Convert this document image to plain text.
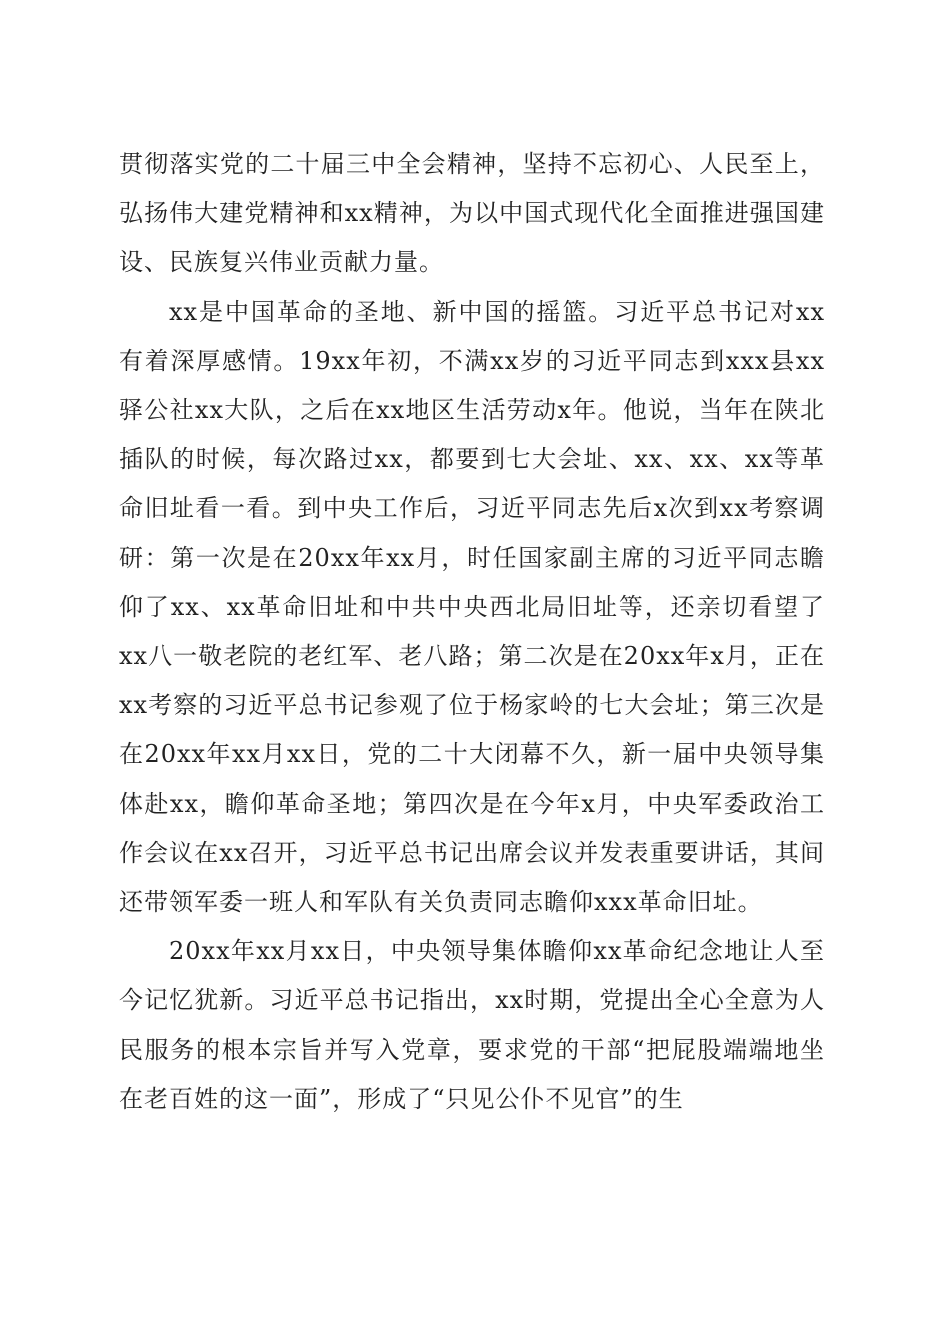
贯彻落实党的二十届三中全会精神，坚持不忘初心、人民至上，弘扬伟大建党精神和xx精神，为以中国式现代化全面推进强国建设、民族复兴伟业贡献力量。

xx是中国革命的圣地、新中国的摇篮。习近平总书记对xx有着深厚感情。19xx年初，不满xx岁的习近平同志到xxx县xx驿公社xx大队，之后在xx地区生活劳动x年。他说，当年在陕北插队的时候，每次路过xx，都要到七大会址、xx、xx、xx等革命旧址看一看。到中央工作后，习近平同志先后x次到xx考察调研：第一次是在20xx年xx月，时任国家副主席的习近平同志瞻仰了xx、xx革命旧址和中共中央西北局旧址等，还亲切看望了xx八一敬老院的老红军、老八路；第二次是在20xx年x月，正在xx考察的习近平总书记参观了位于杨家岭的七大会址；第三次是在20xx年xx月xx日，党的二十大闭幕不久，新一届中央领导集体赴xx，瞻仰革命圣地；第四次是在今年x月，中央军委政治工作会议在xx召开，习近平总书记出席会议并发表重要讲话，其间还带领军委一班人和军队有关负责同志瞻仰xxx革命旧址。

20xx年xx月xx日，中央领导集体瞻仰xx革命纪念地让人至今记忆犹新。习近平总书记指出，xx时期，党提出全心全意为人民服务的根本宗旨并写入党章，要求党的干部“把屁股端端地坐在老百姓的这一面”，形成了“只见公仆不见官”的生
